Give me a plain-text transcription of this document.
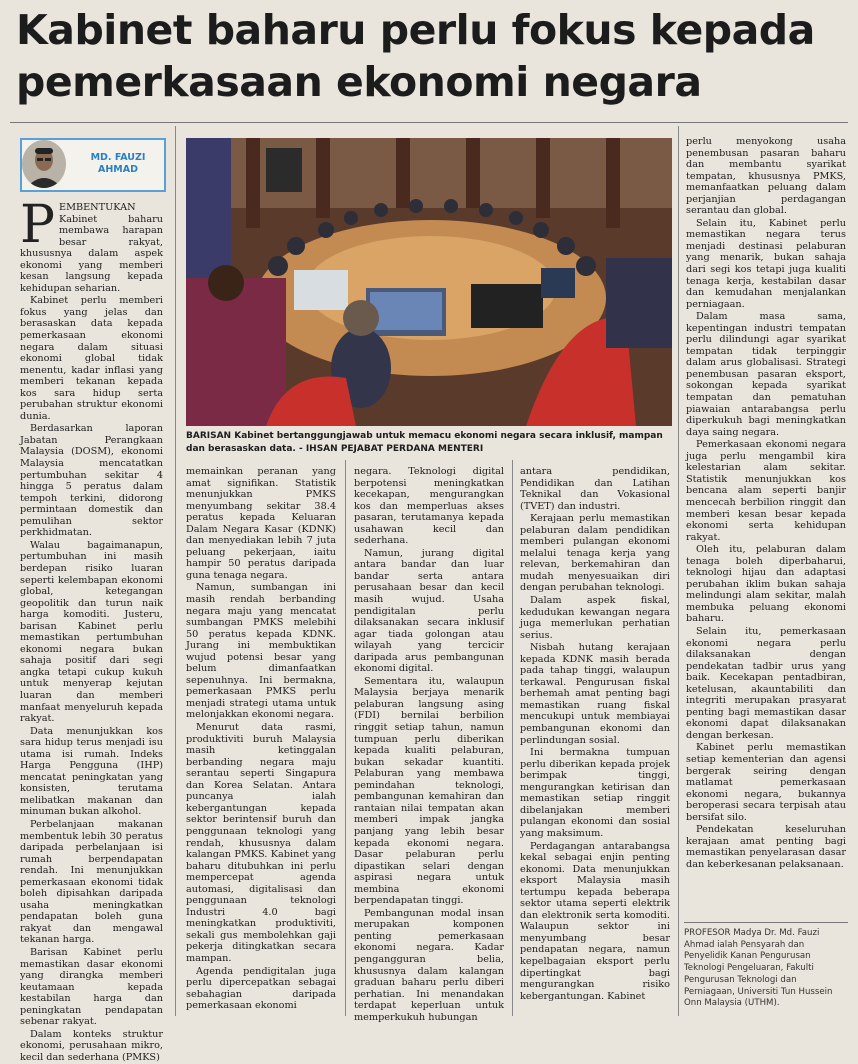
Kabinet baharu perlu fokus kepada pemerkasaan ekonomi negara
MD. FAUZI AHMAD
BARISAN Kabinet bertanggungjawab untuk memacu ekonomi negara secara inklusif, mampan dan berasaskan data. - IHSAN PEJABAT PERDANA MENTERI

PEMBENTUKAN Kabinet baharu membawa harapan besar rakyat, khususnya dalam aspek ekonomi yang memberi kesan langsung kepada kehidupan seharian.

Kabinet perlu memberi fokus yang jelas dan berasaskan data kepada pemerkasaan ekonomi negara dalam situasi ekonomi global tidak menentu, kadar inflasi yang memberi tekanan kepada kos sara hidup serta perubahan struktur ekonomi dunia.

Berdasarkan laporan Jabatan Perangkaan Malaysia (DOSM), ekonomi Malaysia mencatatkan pertumbuhan sekitar 4 hingga 5 peratus dalam tempoh terkini, didorong permintaan domestik dan pemulihan sektor perkhidmatan.

Walau bagaimanapun, pertumbuhan ini masih berdepan risiko luaran seperti kelembapan ekonomi global, ketegangan geopolitik dan turun naik harga komoditi. Justeru, barisan Kabinet perlu memastikan pertumbuhan ekonomi negara bukan sahaja positif dari segi angka tetapi cukup kukuh untuk menyerap kejutan luaran dan memberi manfaat menyeluruh kepada rakyat.

Data menunjukkan kos sara hidup terus menjadi isu utama isi rumah. Indeks Harga Pengguna (IHP) mencatat peningkatan yang konsisten, terutama melibatkan makanan dan minuman bukan alkohol.

Perbelanjaan makanan membentuk lebih 30 peratus daripada perbelanjaan isi rumah berpendapatan rendah. Ini menunjukkan pemerkasaan ekonomi tidak boleh dipisahkan daripada usaha meningkatkan pendapatan boleh guna rakyat dan mengawal tekanan harga.

Barisan Kabinet perlu memastikan dasar ekonomi yang dirangka memberi keutamaan kepada kestabilan harga dan peningkatan pendapatan sebenar rakyat.

Dalam konteks struktur ekonomi, perusahaan mikro, kecil dan sederhana (PMKS)

memainkan peranan yang amat signifikan. Statistik menunjukkan PMKS menyumbang sekitar 38.4 peratus kepada Keluaran Dalam Negara Kasar (KDNK) dan menyediakan lebih 7 juta peluang pekerjaan, iaitu hampir 50 peratus daripada guna tenaga negara.

Namun, sumbangan ini masih rendah berbanding negara maju yang mencatat sumbangan PMKS melebihi 50 peratus kepada KDNK. Jurang ini membuktikan wujud potensi besar yang belum dimanfaatkan sepenuhnya. Ini bermakna, pemerkasaan PMKS perlu menjadi strategi utama untuk melonjakkan ekonomi negara.

Menurut data rasmi, produktiviti buruh Malaysia masih ketinggalan berbanding negara maju serantau seperti Singapura dan Korea Selatan. Antara puncanya ialah kebergantungan kepada sektor berintensif buruh dan penggunaan teknologi yang rendah, khususnya dalam kalangan PMKS. Kabinet yang baharu ditubuhkan ini perlu mempercepat agenda automasi, digitalisasi dan penggunaan teknologi Industri 4.0 bagi meningkatkan produktiviti, sekali gus membolehkan gaji pekerja ditingkatkan secara mampan.

Agenda pendigitalan juga perlu dipercepatkan sebagai sebahagian daripada pemerkasaan ekonomi

negara. Teknologi digital berpotensi meningkatkan kecekapan, mengurangkan kos dan memperluas akses pasaran, terutamanya kepada usahawan kecil dan sederhana.

Namun, jurang digital antara bandar dan luar bandar serta antara perusahaan besar dan kecil masih wujud. Usaha pendigitalan perlu dilaksanakan secara inklusif agar tiada golongan atau wilayah yang tercicir daripada arus pembangunan ekonomi digital.

Sementara itu, walaupun Malaysia berjaya menarik pelaburan langsung asing (FDI) bernilai berbilion ringgit setiap tahun, namun tumpuan perlu diberikan kepada kualiti pelaburan, bukan sekadar kuantiti. Pelaburan yang membawa pemindahan teknologi, pembangunan kemahiran dan rantaian nilai tempatan akan memberi impak jangka panjang yang lebih besar kepada ekonomi negara. Dasar pelaburan perlu dipastikan selari dengan aspirasi negara untuk membina ekonomi berpendapatan tinggi.

Pembangunan modal insan merupakan komponen penting pemerkasaan ekonomi negara. Kadar pengangguran belia, khususnya dalam kalangan graduan baharu perlu diberi perhatian. Ini menandakan terdapat keperluan untuk memperkukuh hubungan

antara pendidikan, Pendidikan dan Latihan Teknikal dan Vokasional (TVET) dan industri.

Kerajaan perlu memastikan pelaburan dalam pendidikan memberi pulangan ekonomi melalui tenaga kerja yang relevan, berkemahiran dan mudah menyesuaikan diri dengan perubahan teknologi.

Dalam aspek fiskal, kedudukan kewangan negara juga memerlukan perhatian serius.

Nisbah hutang kerajaan kepada KDNK masih berada pada tahap tinggi, walaupun terkawal. Pengurusan fiskal berhemah amat penting bagi memastikan ruang fiskal mencukupi untuk membiayai pembangunan ekonomi dan perlindungan sosial.

Ini bermakna tumpuan perlu diberikan kepada projek berimpak tinggi, mengurangkan ketirisan dan memastikan setiap ringgit dibelanjakan memberi pulangan ekonomi dan sosial yang maksimum.

Perdagangan antarabangsa kekal sebagai enjin penting ekonomi. Data menunjukkan eksport Malaysia masih tertumpu kepada beberapa sektor utama seperti elektrik dan elektronik serta komoditi. Walaupun sektor ini menyumbang besar pendapatan negara, namun kepelbagaian eksport perlu dipertingkat bagi mengurangkan risiko kebergantungan. Kabinet

perlu menyokong usaha penembusan pasaran baharu dan membantu syarikat tempatan, khususnya PMKS, memanfaatkan peluang dalam perjanjian perdagangan serantau dan global.

Selain itu, Kabinet perlu memastikan negara terus menjadi destinasi pelaburan yang menarik, bukan sahaja dari segi kos tetapi juga kualiti tenaga kerja, kestabilan dasar dan kemudahan menjalankan perniagaan.

Dalam masa sama, kepentingan industri tempatan perlu dilindungi agar syarikat tempatan tidak terpinggir dalam arus globalisasi. Strategi penembusan pasaran eksport, sokongan kepada syarikat tempatan dan pematuhan piawaian antarabangsa perlu diperkukuh bagi meningkatkan daya saing negara.

Pemerkasaan ekonomi negara juga perlu mengambil kira kelestarian alam sekitar. Statistik menunjukkan kos bencana alam seperti banjir mencecah berbilion ringgit dan memberi kesan besar kepada ekonomi serta kehidupan rakyat.

Oleh itu, pelaburan dalam tenaga boleh diperbaharui, teknologi hijau dan adaptasi perubahan iklim bukan sahaja melindungi alam sekitar, malah membuka peluang ekonomi baharu.

Selain itu, pemerkasaan ekonomi negara perlu dilaksanakan dengan pendekatan tadbir urus yang baik. Kecekapan pentadbiran, ketelusan, akauntabiliti dan integriti merupakan prasyarat penting bagi memastikan dasar ekonomi dapat dilaksanakan dengan berkesan.

Kabinet perlu memastikan setiap kementerian dan agensi bergerak seiring dengan matlamat pemerkasaan ekonomi negara, bukannya beroperasi secara terpisah atau bersifat silo.

Pendekatan keseluruhan kerajaan amat penting bagi memastikan penyelarasan dasar dan keberkesanan pelaksanaan.

PROFESOR Madya Dr. Md. Fauzi Ahmad ialah Pensyarah dan Penyelidik Kanan Pengurusan Teknologi Pengeluaran, Fakulti Pengurusan Teknologi dan Perniagaan, Universiti Tun Hussein Onn Malaysia (UTHM).
